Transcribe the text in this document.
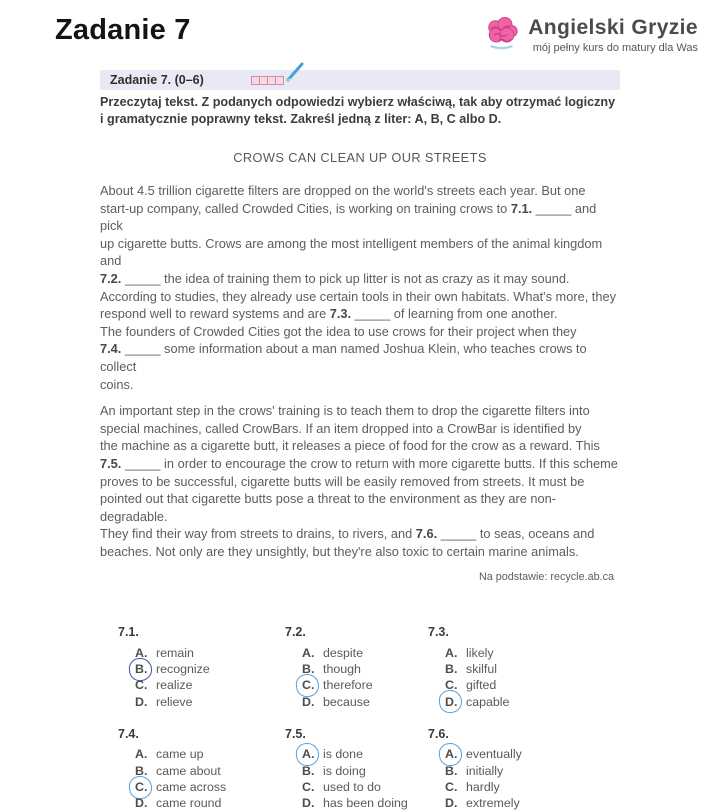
Zadanie 7	Angielski Gryzie
mój pełny kurs do matury dla Was
Zadanie 7. (0–6)
Przeczytaj tekst. Z podanych odpowiedzi wybierz właściwą, tak aby otrzymać logiczny
i gramatycznie poprawny tekst. Zakreśl jedną z liter: A, B, C albo D.
CROWS CAN CLEAN UP OUR STREETS

About 4.5 trillion cigarette filters are dropped on the world's streets each year. But one
start-up company, called Crowded Cities, is working on training crows to 7.1. _____ and pick
up cigarette butts. Crows are among the most intelligent members of the animal kingdom and
7.2. _____ the idea of training them to pick up litter is not as crazy as it may sound.
According to studies, they already use certain tools in their own habitats. What's more, they
respond well to reward systems and are 7.3. _____ of learning from one another.
The founders of Crowded Cities got the idea to use crows for their project when they
7.4. _____ some information about a man named Joshua Klein, who teaches crows to collect
coins.

An important step in the crows' training is to teach them to drop the cigarette filters into
special machines, called CrowBars. If an item dropped into a CrowBar is identified by
the machine as a cigarette butt, it releases a piece of food for the crow as a reward. This
7.5. _____ in order to encourage the crow to return with more cigarette butts. If this scheme
proves to be successful, cigarette butts will be easily removed from streets. It must be
pointed out that cigarette butts pose a threat to the environment as they are non-degradable.
They find their way from streets to drains, to rivers, and 7.6. _____ to seas, oceans and
beaches. Not only are they unsightly, but they're also toxic to certain marine animals.

Na podstawie: recycle.ab.ca
7.1.
A. remain
B. recognize
C. realize
D. relieve
7.2.
A. despite
B. though
C. therefore
D. because
7.3.
A. likely
B. skilful
C. gifted
D. capable
7.4.
A. came up
B. came about
C. came across
D. came round
7.5.
A. is done
B. is doing
C. used to do
D. has been doing
7.6.
A. eventually
B. initially
C. hardly
D. extremely
